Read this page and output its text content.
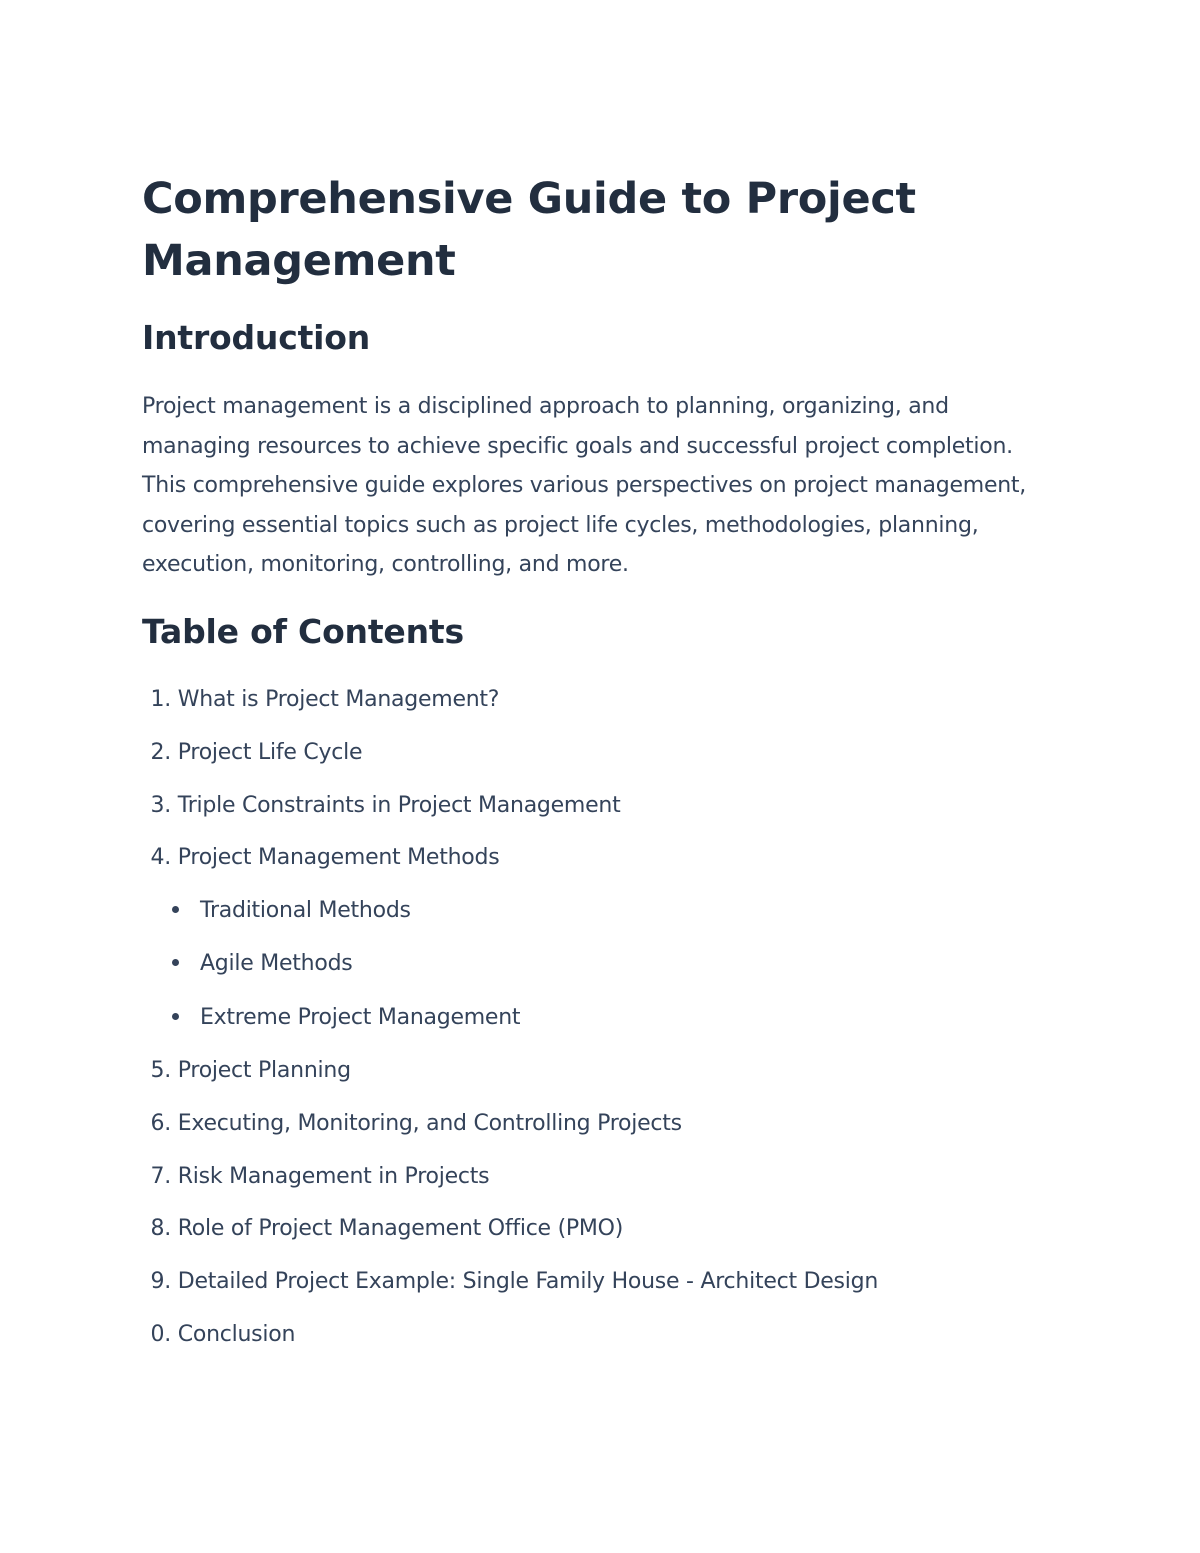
Comprehensive Guide to Project Management
Introduction

Project management is a disciplined approach to planning, organizing, and managing resources to achieve specific goals and successful project completion. This comprehensive guide explores various perspectives on project management, covering essential topics such as project life cycles, methodologies, planning, execution, monitoring, controlling, and more.

Table of Contents
1. What is Project Management?
2. Project Life Cycle
3. Triple Constraints in Project Management
4. Project Management Methods
Traditional Methods
Agile Methods
Extreme Project Management
5. Project Planning
6. Executing, Monitoring, and Controlling Projects
7. Risk Management in Projects
8. Role of Project Management Office (PMO)
9. Detailed Project Example: Single Family House - Architect Design
0. Conclusion
